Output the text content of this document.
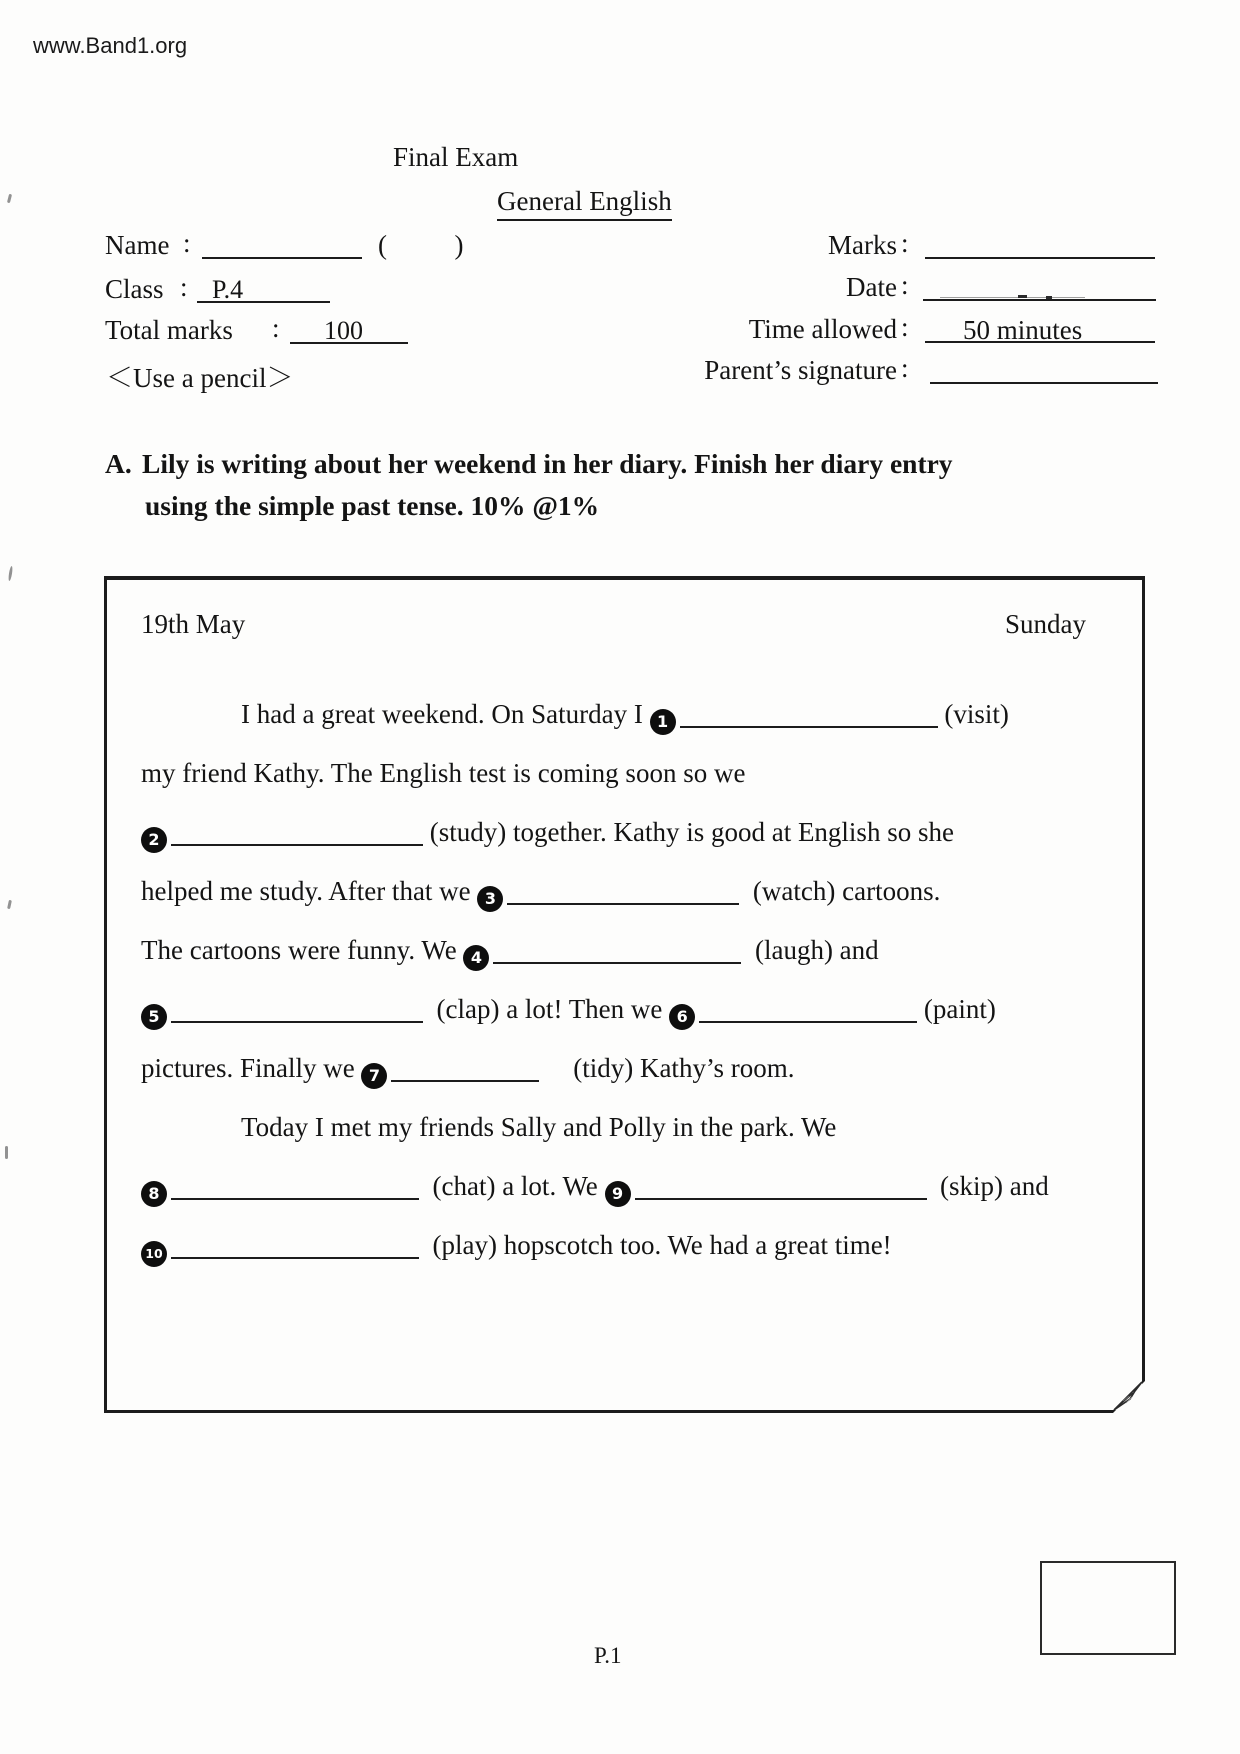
www.Band1.org
Final Exam
General English
Name :	(          )
Class : P.4
Total marks : 100
＜Use a pencil＞
Marks :
Date :
Time allowed : 50 minutes
Parent’s signature :
A. Lily is writing about her weekend in her diary. Finish her diary entry
using the simple past tense. 10% @1%
19th May	Sunday
I had a great weekend. On Saturday I 1	(visit)
my friend Kathy. The English test is coming soon so we
2	(study) together. Kathy is good at English so she
helped me study. After that we 3	(watch) cartoons.
The cartoons were funny. We 4	(laugh) and
5	(clap) a lot! Then we 6	(paint)
pictures. Finally we 7	(tidy) Kathy’s room.
Today I met my friends Sally and Polly in the park. We
8	(chat) a lot. We 9	(skip) and
10	(play) hopscotch too. We had a great time!
P.1
